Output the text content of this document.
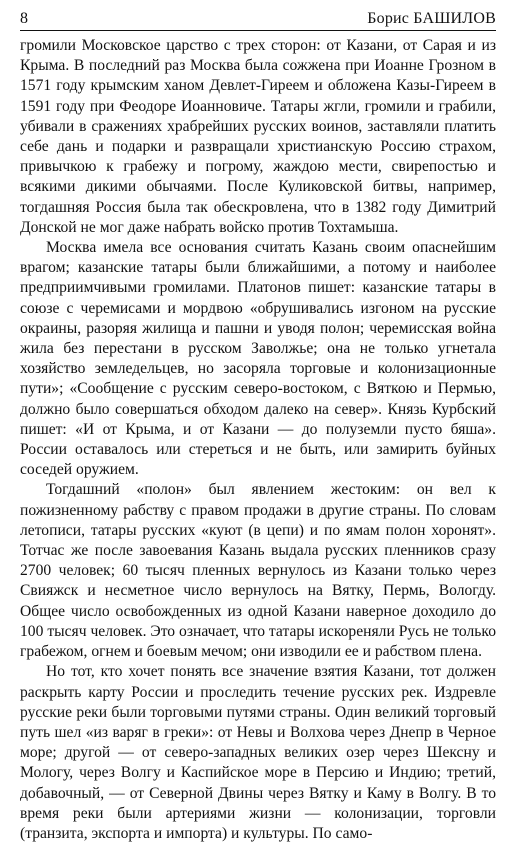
8	Борис БАШИЛОВ

громили Московское царство с трех сторон: от Казани, от Сарая и из Крыма. В последний раз Москва была сожжена при Иоанне Грозном в 1571 году крымским ханом Девлет-Гиреем и обложена Казы-Гиреем в 1591 году при Феодоре Иоанновиче. Татары жгли, громили и грабили, убивали в сражениях храбрейших русских воинов, заставляли платить себе дань и подарки и развращали христианскую Россию страхом, привычкою к грабежу и погрому, жаждою мести, свирепостью и всякими дикими обычаями. После Куликовской битвы, например, тогдашняя Россия была так обескровлена, что в 1382 году Димитрий Донской не мог даже набрать войско против Тохтамыша.

Москва имела все основания считать Казань своим опаснейшим врагом; казанские татары были ближайшими, а потому и наиболее предприимчивыми громилами. Платонов пишет: казанские татары в союзе с черемисами и мордвою «обрушивались изгоном на русские окраины, разоряя жилища и пашни и уводя полон; черемисская война жила без перестани в русском Заволжье; она не только угнетала хозяйство земледельцев, но засоряла торговые и колонизационные пути»; «Сообщение с русским северо-востоком, с Вяткою и Пермью, должно было совершаться обходом далеко на север». Князь Курбский пишет: «И от Крыма, и от Казани — до полуземли пусто бяша». России оставалось или стереться и не быть, или замирить буйных соседей оружием.

Тогдашний «полон» был явлением жестоким: он вел к пожизненному рабству с правом продажи в другие страны. По словам летописи, татары русских «куют (в цепи) и по ямам полон хоронят». Тотчас же после завоевания Казань выдала русских пленников сразу 2700 человек; 60 тысяч пленных вернулось из Казани только через Свияжск и несметное число вернулось на Вятку, Пермь, Вологду. Общее число освобожденных из одной Казани наверное доходило до 100 тысяч человек. Это означает, что татары искореняли Русь не только грабежом, огнем и боевым мечом; они изводили ее и рабством плена.

Но тот, кто хочет понять все значение взятия Казани, тот должен раскрыть карту России и проследить течение русских рек. Издревле русские реки были торговыми путями страны. Один великий торговый путь шел «из варяг в греки»: от Невы и Волхова через Днепр в Черное море; другой — от северо-западных великих озер через Шексну и Мологу, через Волгу и Каспийское море в Персию и Индию; третий, добавочный, — от Северной Двины через Вятку и Каму в Волгу. В то время реки были артериями жизни — колонизации, торговли (транзита, экспорта и импорта) и культуры. По само-
